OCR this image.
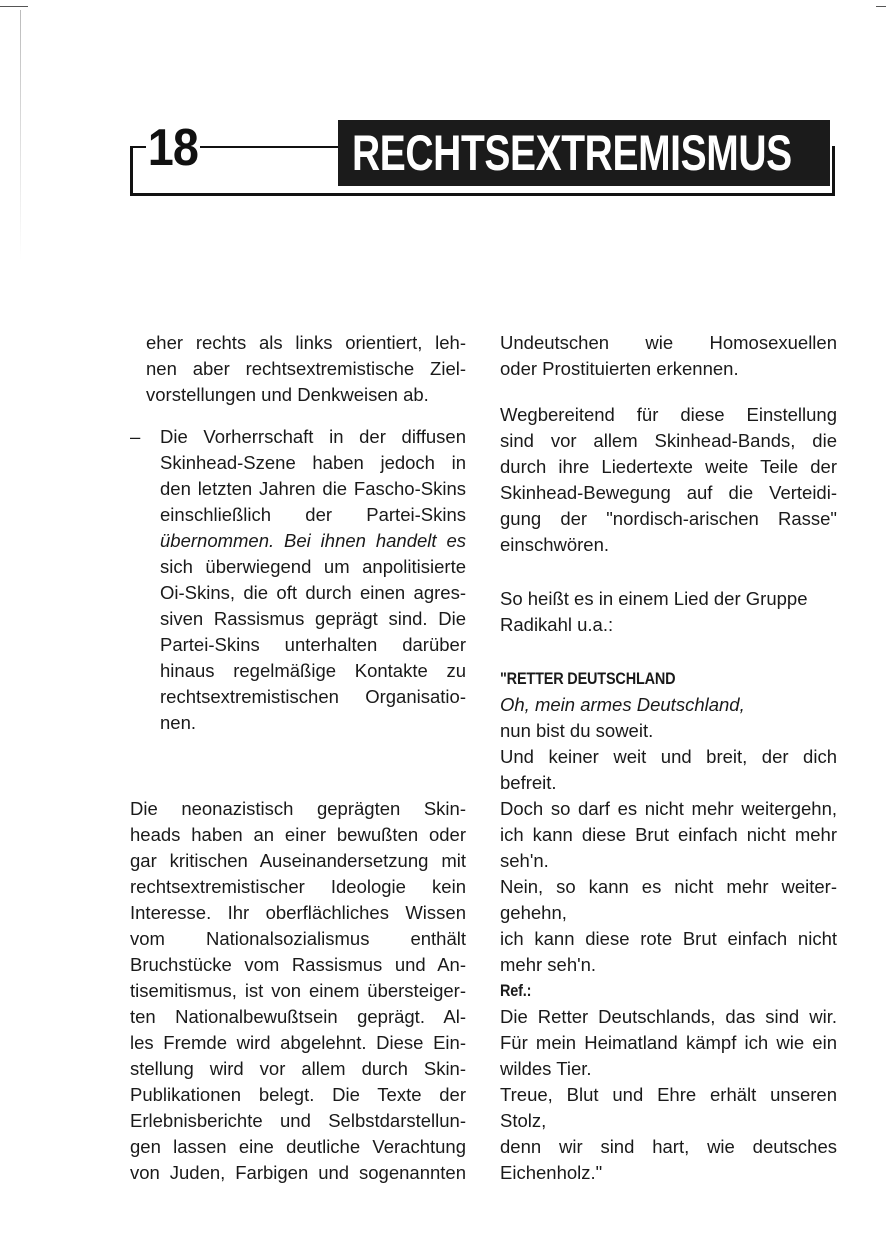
18	RECHTSEXTREMISMUS
eher rechts als links orientiert, leh-
nen aber rechtsextremistische Ziel-
vorstellungen und Denkweisen ab.
– Die Vorherrschaft in der diffusen
Skinhead-Szene haben jedoch in
den letzten Jahren die Fascho-Skins
einschließlich der Partei-Skins
übernommen. Bei ihnen handelt es
sich überwiegend um anpolitisierte
Oi-Skins, die oft durch einen agres-
siven Rassismus geprägt sind. Die
Partei-Skins unterhalten darüber
hinaus regelmäßige Kontakte zu
rechtsextremistischen Organisatio-
nen.
Die neonazistisch geprägten Skin-
heads haben an einer bewußten oder
gar kritischen Auseinandersetzung mit
rechtsextremistischer Ideologie kein
Interesse. Ihr oberflächliches Wissen
vom Nationalsozialismus enthält
Bruchstücke vom Rassismus und An-
tisemitismus, ist von einem übersteiger-
ten Nationalbewußtsein geprägt. Al-
les Fremde wird abgelehnt. Diese Ein-
stellung wird vor allem durch Skin-
Publikationen belegt. Die Texte der
Erlebnisberichte und Selbstdarstellun-
gen lassen eine deutliche Verachtung
von Juden, Farbigen und sogenannten
Undeutschen wie Homosexuellen
oder Prostituierten erkennen.
Wegbereitend für diese Einstellung
sind vor allem Skinhead-Bands, die
durch ihre Liedertexte weite Teile der
Skinhead-Bewegung auf die Verteidi-
gung der "nordisch-arischen Rasse"
einschwören.
So heißt es in einem Lied der Gruppe
Radikahl u.a.:
"RETTER DEUTSCHLAND
Oh, mein armes Deutschland,
nun bist du soweit.
Und keiner weit und breit, der dich
befreit.
Doch so darf es nicht mehr weitergehn,
ich kann diese Brut einfach nicht mehr
seh'n.
Nein, so kann es nicht mehr weiter-
gehehn,
ich kann diese rote Brut einfach nicht
mehr seh'n.
Ref.:
Die Retter Deutschlands, das sind wir.
Für mein Heimatland kämpf ich wie ein
wildes Tier.
Treue, Blut und Ehre erhält unseren
Stolz,
denn wir sind hart, wie deutsches
Eichenholz."
